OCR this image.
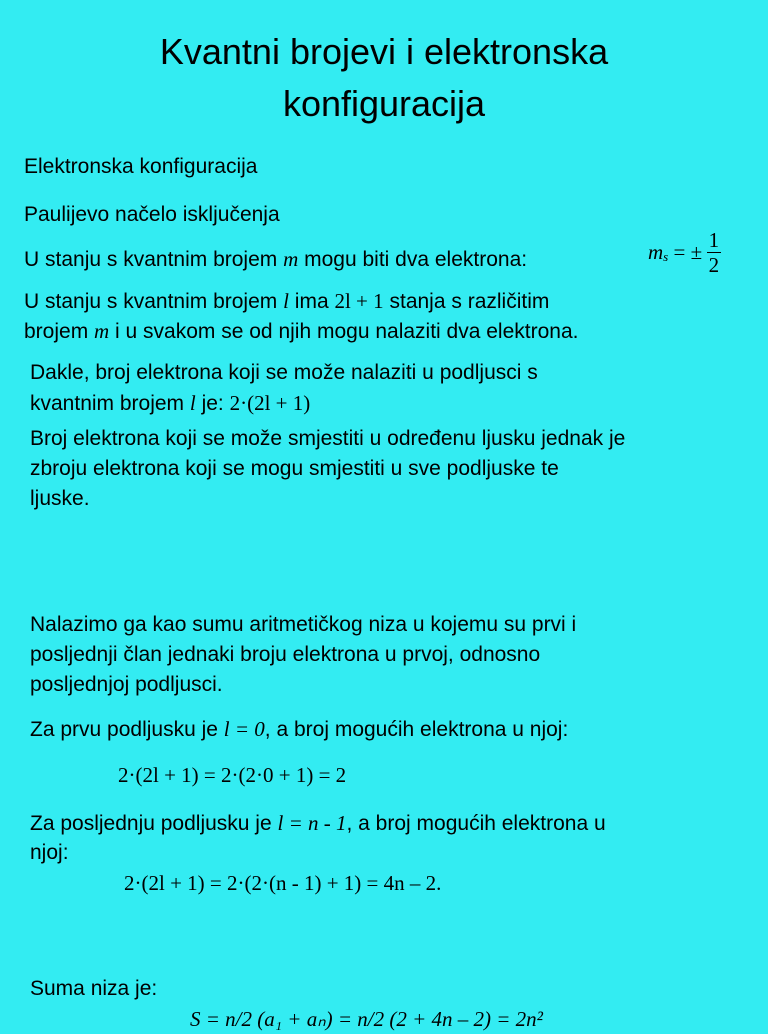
Kvantni brojevi i elektronska
konfiguracija
Elektronska konfiguracija
Paulijevo načelo isključenja
U stanju s kvantnim brojem m mogu biti dva elektrona:	$m_s$ = ± $\frac{1}{2}$
U stanju s kvantnim brojem l ima 2l + 1 stanja s različitim
brojem m i u svakom se od njih mogu nalaziti dva elektrona.
Dakle, broj elektrona koji se može nalaziti u podljusci s
kvantnim brojem l je: 2·(2l + 1)
Broj elektrona koji se može smjestiti u određenu ljusku jednak je
zbroju elektrona koji se mogu smjestiti u sve podljuske te
ljuske.
Nalazimo ga kao sumu aritmetičkog niza u kojemu su prvi i
posljednji član jednaki broju elektrona u prvoj, odnosno
posljednjoj podljusci.
Za prvu podljusku je l = 0, a broj mogućih elektrona u njoj:
2·(2l + 1) = 2·(2·0 + 1) = 2
Za posljednju podljusku je l = n - 1, a broj mogućih elektrona u
njoj:
2·(2l + 1) = 2·(2·(n - 1) + 1) = 4n – 2.
Suma niza je:
S = n/2 (a₁ + aₙ) = n/2 (2 + 4n – 2) = 2n²
